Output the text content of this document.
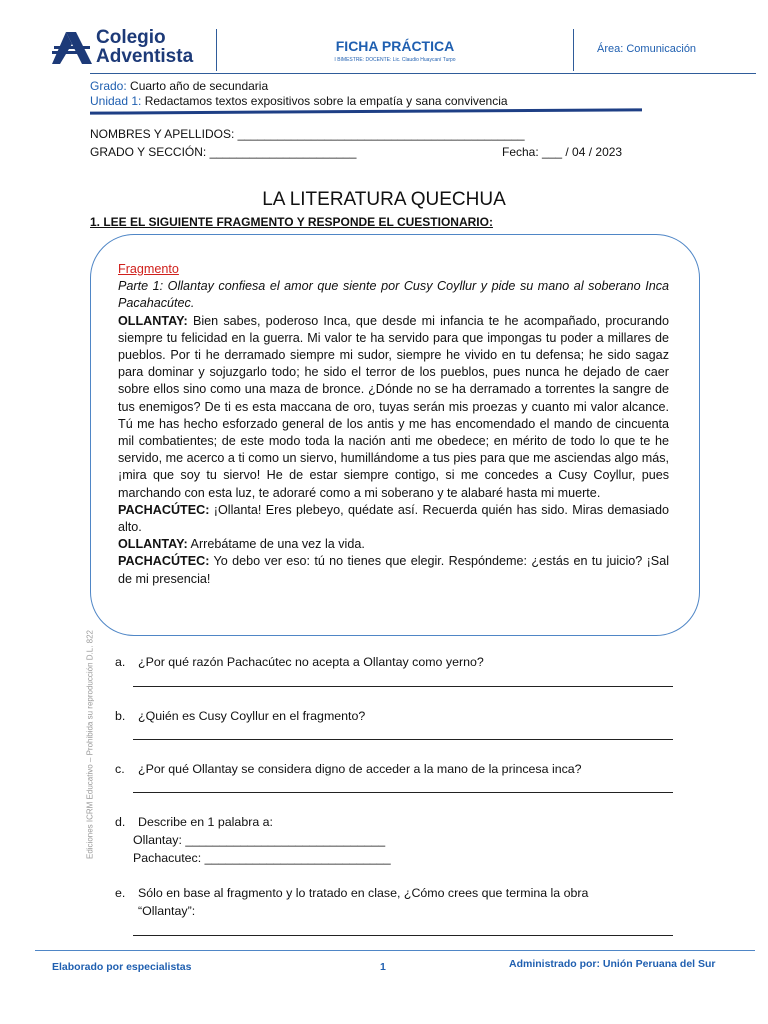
Colegio
Adventista	FICHA PRÁCTICA
I BIMESTRE: DOCENTE: Lic. Claudio Huaycaní Turpo
Área: Comunicación
Grado: Cuarto año de secundaria
Unidad 1: Redactamos textos expositivos sobre la empatía y sana convivencia
NOMBRES Y APELLIDOS: ___________________________________________
GRADO Y SECCIÓN: ______________________	Fecha: ___ / 04 / 2023
LA LITERATURA QUECHUA
1. LEE EL SIGUIENTE FRAGMENTO Y RESPONDE EL CUESTIONARIO:

Fragmento

Parte 1: Ollantay confiesa el amor que siente por Cusy Coyllur y pide su mano al soberano Inca Pacahacútec.

OLLANTAY: Bien sabes, poderoso Inca, que desde mi infancia te he acompañado, procurando siempre tu felicidad en la guerra. Mi valor te ha servido para que impongas tu poder a millares de pueblos. Por ti he derramado siempre mi sudor, siempre he vivido en tu defensa; he sido sagaz para dominar y sojuzgarlo todo; he sido el terror de los pueblos, pues nunca he dejado de caer sobre ellos sino como una maza de bronce. ¿Dónde no se ha derramado a torrentes la sangre de tus enemigos? De ti es esta maccana de oro, tuyas serán mis proezas y cuanto mi valor alcance. Tú me has hecho esforzado general de los antis y me has encomendado el mando de cincuenta mil combatientes; de este modo toda la nación anti me obedece; en mérito de todo lo que te he servido, me acerco a ti como un siervo, humillándome a tus pies para que me asciendas algo más, ¡mira que soy tu siervo! He de estar siempre contigo, si me concedes a Cusy Coyllur, pues marchando con esta luz, te adoraré como a mi soberano y te alabaré hasta mi muerte.

PACHACÚTEC: ¡Ollanta! Eres plebeyo, quédate así. Recuerda quién has sido. Miras demasiado alto.

OLLANTAY: Arrebátame de una vez la vida.

PACHACÚTEC: Yo debo ver eso: tú no tienes que elegir. Respóndeme: ¿estás en tu juicio? ¡Sal de mi presencia!

a. ¿Por qué razón Pachacútec no acepta a Ollantay como yerno?
b. ¿Quién es Cusy Coyllur en el fragmento?
c. ¿Por qué Ollantay se considera digno de acceder a la mano de la princesa inca?
d. Describe en 1 palabra a:
Ollantay: _____________________________
Pachacutec: ___________________________
e. Sólo en base al fragmento y lo tratado en clase, ¿Cómo crees que termina la obra
“Ollantay”:
Ediciones ICRM Educativo – Prohibida su reproducción D.L. 822
Elaborado por especialistas	1	Administrado por: Unión Peruana del Sur
